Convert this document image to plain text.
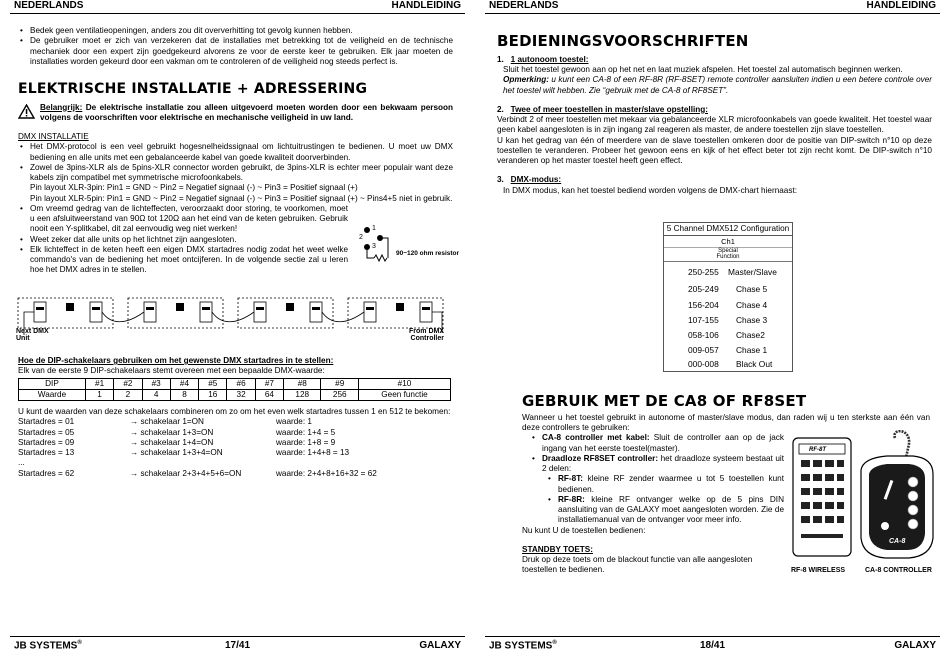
NEDERLANDS	HANDLEIDING
• Bedek geen ventilatieopeningen, anders zou dit oververhitting tot gevolg kunnen hebben.
• De gebruiker moet er zich van verzekeren dat de installaties met betrekking tot de veiligheid en de technische mechaniek door een expert zijn goedgekeurd alvorens ze voor de eerste keer te gebruiken. Elk jaar moeten de installaties worden gekeurd door een vakman om te controleren of de veiligheid nog steeds perfect is.
ELEKTRISCHE INSTALLATIE + ADRESSERING
Belangrijk: De elektrische installatie zou alleen uitgevoerd moeten worden door een bekwaam persoon volgens de voorschriften voor elektrische en mechanische veiligheid in uw land.
DMX INSTALLATIE
• Het DMX-protocol is een veel gebruikt hogesnelheidssignaal om lichtuitrustingen te bedienen. U moet uw DMX bediening en alle units met een gebalanceerde kabel van goede kwaliteit doorverbinden.
• Zowel de 3pins-XLR als de 5pins-XLR connector worden gebruikt, de 3pins-XLR is echter meer populair want deze kabels zijn compatibel met symmetrische microfoonkabels.
Pin layout XLR-3pin: Pin1 = GND ~ Pin2 = Negatief signaal (-) ~ Pin3 = Positief signaal (+)
Pin layout XLR-5pin: Pin1 = GND ~ Pin2 = Negatief signaal (-) ~ Pin3 = Positief signaal (+) ~ Pins4+5 niet in gebruik.
• Om vreemd gedrag van de lichteffecten, veroorzaakt door storing, te voorkomen, moet u een afsluitweerstand van 90Ω tot 120Ω aan het eind van de keten gebruiken. Gebruik nooit een Y-splitkabel, dit zal eenvoudig weg niet werken!
• Weet zeker dat alle units op het lichtnet zijn aangesloten.
• Elk lichteffect in de keten heeft een eigen DMX startadres nodig zodat het weet welke commando's van de bediening het moet ontcijferen. In de volgende sectie zal u leren hoe het DMX adres in te stellen.
1
2
3
90~120 ohm resistor
Next DMX Unit
From DMX Controller
Hoe de DIP-schakelaars gebruiken om het gewenste DMX startadres in te stellen:
Elk van de eerste 9 DIP-schakelaars stemt overeen met een bepaalde DMX-waarde:
DIP	#1	#2	#3	#4	#5	#6	#7	#8	#9	#10
Waarde	1	2	4	8	16	32	64	128	256	Geen functie
U kunt de waarden van deze schakelaars combineren om zo om het even welk startadres tussen 1 en 512 te bekomen:
Startadres = 01	→ schakelaar 1=ON	waarde: 1
Startadres = 05	→ schakelaar 1+3=ON	waarde: 1+4 = 5
Startadres = 09	→ schakelaar 1+4=ON	waarde: 1+8 = 9
Startadres = 13	→ schakelaar 1+3+4=ON	waarde: 1+4+8 = 13
...
Startadres = 62	→ schakelaar 2+3+4+5+6=ON	waarde: 2+4+8+16+32 = 62
JB SYSTEMS®	17/41	GALAXY
NEDERLANDS	HANDLEIDING
BEDIENINGSVOORSCHRIFTEN
1. 1 autonoom toestel:
Sluit het toestel gewoon aan op het net en laat muziek afspelen. Het toestel zal automatisch beginnen werken.
Opmerking: u kunt een CA-8 of een RF-8R (RF-8SET) remote controller aansluiten indien u een betere controle over het toestel wilt hebben. Zie “gebruik met de CA-8 of RF8SET”.
2. Twee of meer toestellen in master/slave opstelling:
Verbindt 2 of meer toestellen met mekaar via gebalanceerde XLR microfoonkabels van goede kwaliteit. Het toestel waar geen kabel aangesloten is in zijn ingang zal reageren als master, de andere toestellen zijn slave toestellen.
U kan het gedrag van één of meerdere van de slave toestellen omkeren door de positie van DIP-switch n°10 op deze toestellen te veranderen. Probeer het gewoon eens en kijk of het effect beter tot zijn recht komt. De DIP-switch n°10 veranderen op het master toestel heeft geen effect.
3. DMX-modus:
In DMX modus, kan het toestel bediend worden volgens de DMX-chart hiernaast:
5 Channel DMX512 Configuration
Ch1
Special
Function
250-255 Master/Slave
205-249 Chase 5
156-204 Chase 4
107-155 Chase 3
058-106 Chase2
009-057 Chase 1
000-008 Black Out
GEBRUIK MET DE CA8 OF RF8SET
Wanneer u het toestel gebruikt in autonome of master/slave modus, dan raden wij u ten sterkste aan één van deze controllers te gebruiken:
• CA-8 controller met kabel: Sluit de controller aan op de jack ingang van het eerste toestel(master).
• Draadloze RF8SET controller: het draadloze systeem bestaat uit 2 delen:
• RF-8T: kleine RF zender waarmee u tot 5 toestellen kunt bedienen.
• RF-8R: kleine RF ontvanger welke op de 5 pins DIN aansluiting van de GALAXY moet aangesloten worden. Zie de installatiemanual van de ontvanger voor meer info.
Nu kunt U de toestellen bedienen:
STANDBY TOETS:
Druk op deze toets om de blackout functie van alle aangesloten toestellen te bedienen.
RF-8T
CA-8
RF-8 WIRELESS	CA-8 CONTROLLER
JB SYSTEMS®	18/41	GALAXY
